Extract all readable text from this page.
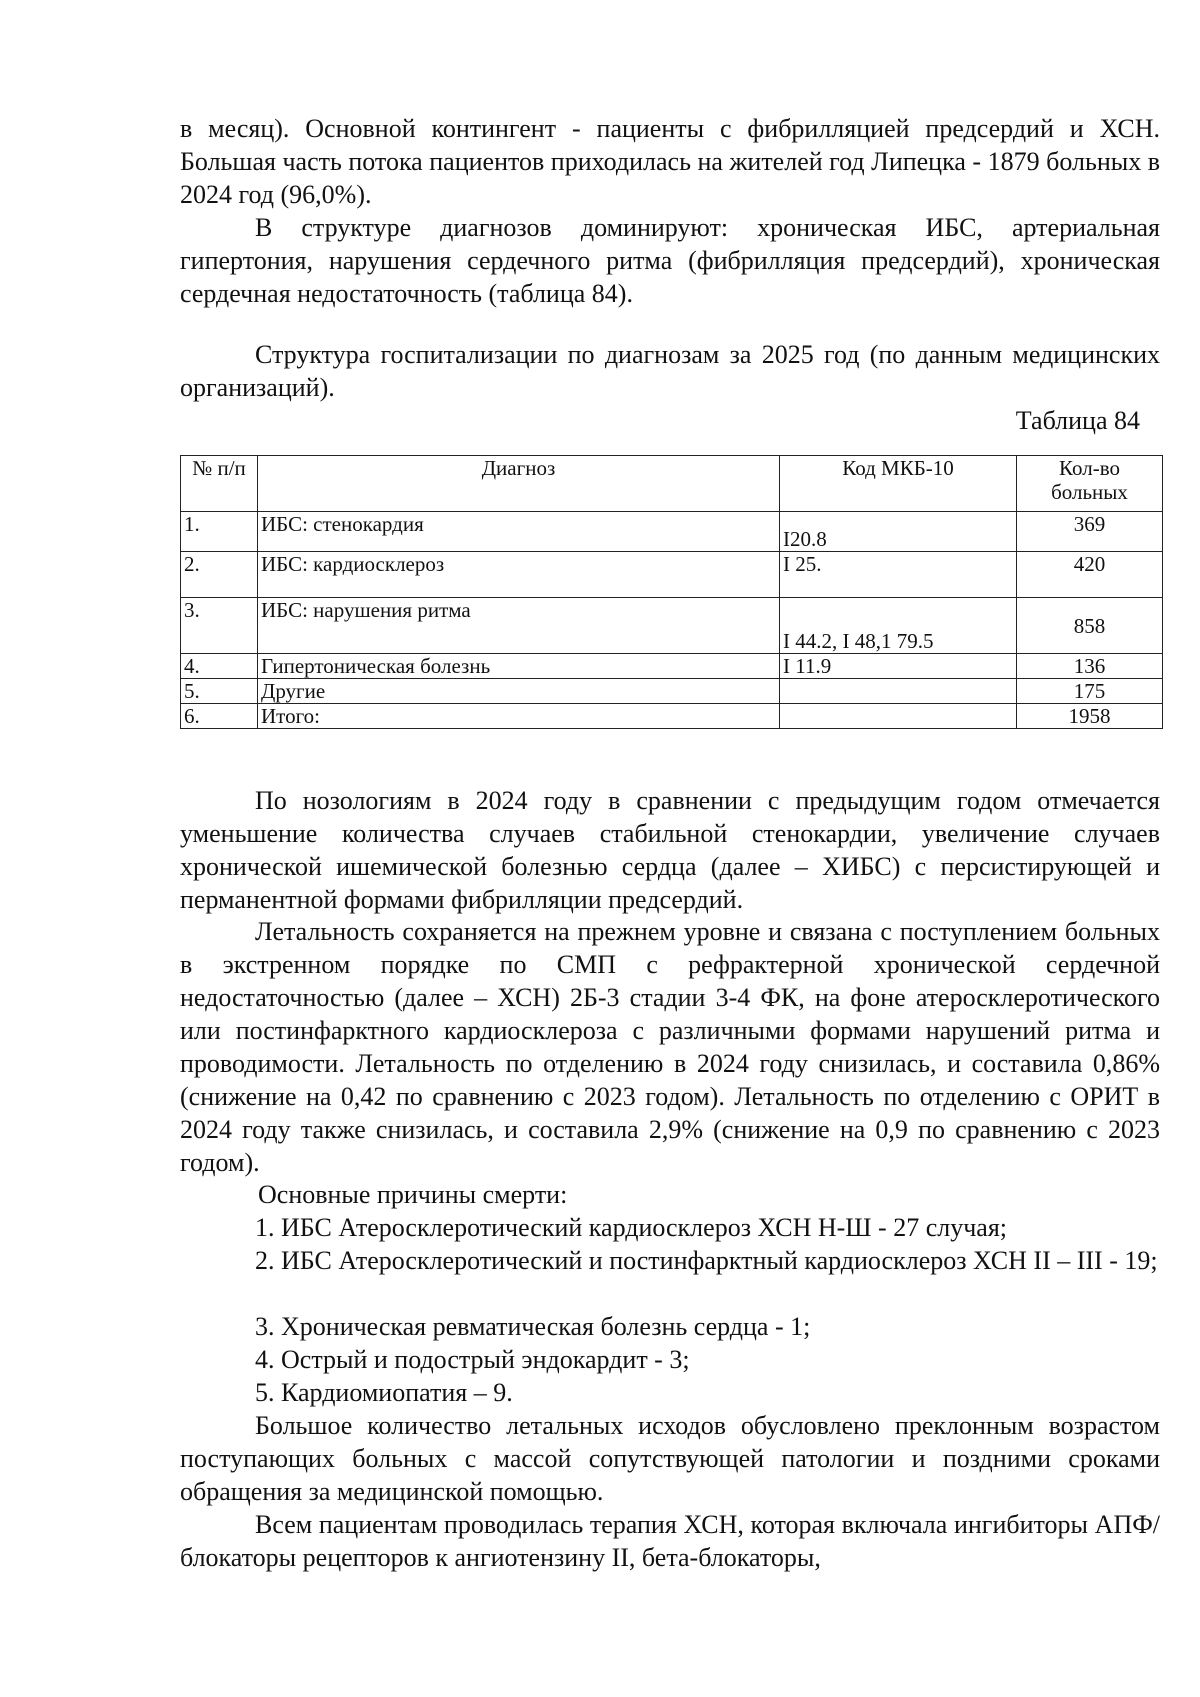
в месяц). Основной контингент - пациенты с фибрилляцией предсердий и ХСН. Большая часть потока пациентов приходилась на жителей год Липецка - 1879 больных в 2024 год (96,0%).

В структуре диагнозов доминируют: хроническая ИБС, артериальная гипертония, нарушения сердечного ритма (фибрилляция предсердий), хроническая сердечная недостаточность (таблица 84).

Структура госпитализации по диагнозам за 2025 год (по данным медицинских организаций).

Таблица 84

№ п/п	Диагноз	Код МКБ-10	Кол-во больных
1.	ИБС: стенокардия	I20.8	369
2.	ИБС: кардиосклероз	I 25.	420
3.	ИБС: нарушения ритма	I 44.2, I 48,1 79.5	858
4.	Гипертоническая болезнь	I 11.9	136
5.	Другие		175
6.	Итого:		1958

По нозологиям в 2024 году в сравнении с предыдущим годом отмечается уменьшение количества случаев стабильной стенокардии, увеличение случаев хронической ишемической болезнью сердца (далее – ХИБС) с персистирующей и перманентной формами фибрилляции предсердий.

Летальность сохраняется на прежнем уровне и связана с поступлением больных в экстренном порядке по СМП с рефрактерной хронической сердечной недостаточностью (далее – ХСН) 2Б-3 стадии 3-4 ФК, на фоне атеросклеротического или постинфарктного кардиосклероза с различными формами нарушений ритма и проводимости. Летальность по отделению в 2024 году снизилась, и составила 0,86% (снижение на 0,42 по сравнению с 2023 годом). Летальность по отделению с ОРИТ в 2024 году также снизилась, и составила 2,9% (снижение на 0,9 по сравнению с 2023 годом).

Основные причины смерти:

1. ИБС Атеросклеротический кардиосклероз ХСН Н-Ш - 27 случая;

2. ИБС Атеросклеротический и постинфарктный кардиосклероз ХСН II – III - 19;

3. Хроническая ревматическая болезнь сердца - 1;

4. Острый и подострый эндокардит - 3;

5. Кардиомиопатия – 9.

Большое количество летальных исходов обусловлено преклонным возрастом поступающих больных с массой сопутствующей патологии и поздними сроками обращения за медицинской помощью.

Всем пациентам проводилась терапия ХСН, которая включала ингибиторы АПФ/блокаторы рецепторов к ангиотензину II, бета-блокаторы,
